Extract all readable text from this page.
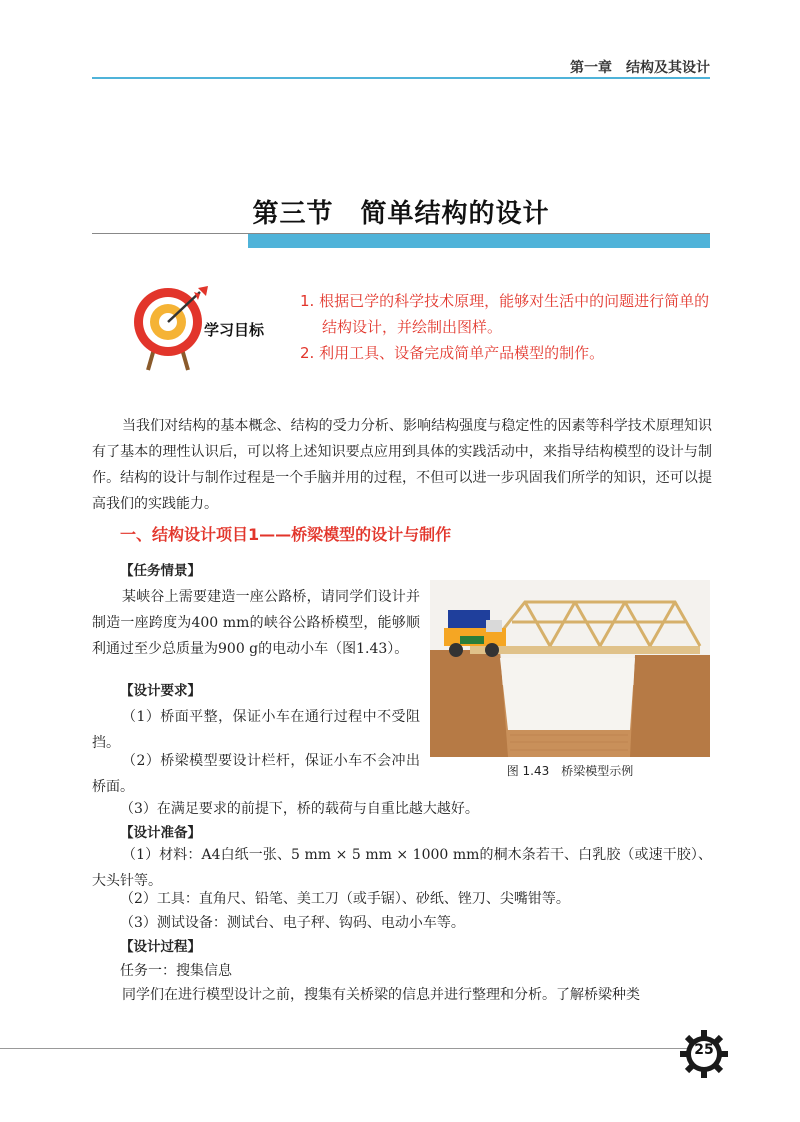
第一章　结构及其设计
第三节　简单结构的设计
学习目标
1. 根据已学的科学技术原理，能够对生活中的问题进行简单的结构设计，并绘制出图样。
2. 利用工具、设备完成简单产品模型的制作。
当我们对结构的基本概念、结构的受力分析、影响结构强度与稳定性的因素等科学技术原理知识有了基本的理性认识后，可以将上述知识要点应用到具体的实践活动中，来指导结构模型的设计与制作。结构的设计与制作过程是一个手脑并用的过程，不但可以进一步巩固我们所学的知识，还可以提高我们的实践能力。
一、结构设计项目1——桥梁模型的设计与制作
【任务情景】
某峡谷上需要建造一座公路桥，请同学们设计并制造一座跨度为400 mm的峡谷公路桥模型，能够顺利通过至少总质量为900 g的电动小车（图1.43）。
【设计要求】
（1）桥面平整，保证小车在通行过程中不受阻挡。
（2）桥梁模型要设计栏杆，保证小车不会冲出桥面。
图 1.43　桥梁模型示例
（3）在满足要求的前提下，桥的载荷与自重比越大越好。
【设计准备】
（1）材料：A4白纸一张、5 mm × 5 mm × 1000 mm的桐木条若干、白乳胶（或速干胶）、大头针等。
（2）工具：直角尺、铅笔、美工刀（或手锯）、砂纸、锉刀、尖嘴钳等。
（3）测试设备：测试台、电子秤、钩码、电动小车等。
【设计过程】
任务一：搜集信息
同学们在进行模型设计之前，搜集有关桥梁的信息并进行整理和分析。了解桥梁种类
25
